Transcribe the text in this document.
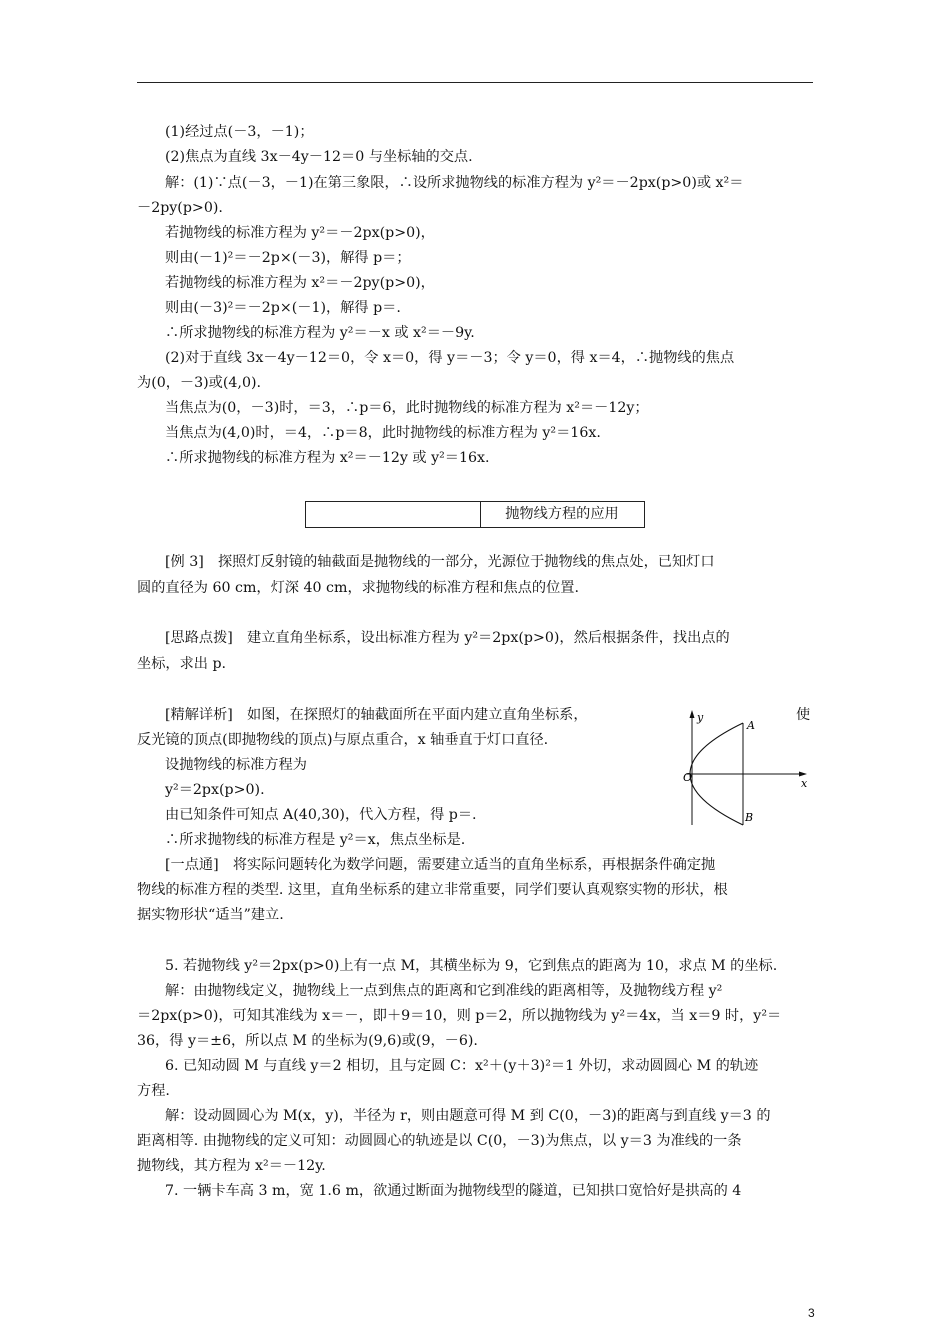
(1)经过点(－3，－1)；
(2)焦点为直线 3x－4y－12＝0 与坐标轴的交点.
解：(1)∵点(－3，－1)在第三象限，∴设所求抛物线的标准方程为 y²＝－2px(p>0)或 x²＝
－2py(p>0).
若抛物线的标准方程为 y²＝－2px(p>0)，
则由(－1)²＝－2p×(－3)，解得 p＝；
若抛物线的标准方程为 x²＝－2py(p>0)，
则由(－3)²＝－2p×(－1)，解得 p＝.
∴所求抛物线的标准方程为 y²＝－x 或 x²＝－9y.
(2)对于直线 3x－4y－12＝0，令 x＝0，得 y＝－3；令 y＝0，得 x＝4，∴抛物线的焦点
为(0，－3)或(4,0).
当焦点为(0，－3)时，＝3，∴p＝6，此时抛物线的标准方程为 x²＝－12y；
当焦点为(4,0)时，＝4，∴p＝8，此时抛物线的标准方程为 y²＝16x.
∴所求抛物线的标准方程为 x²＝－12y 或 y²＝16x.
[例 3]　探照灯反射镜的轴截面是抛物线的一部分，光源位于抛物线的焦点处，已知灯口
圆的直径为 60 cm，灯深 40 cm，求抛物线的标准方程和焦点的位置.
[思路点拨]　建立直角坐标系，设出标准方程为 y²＝2px(p>0)，然后根据条件，找出点的
坐标，求出 p.
[精解详析]　如图，在探照灯的轴截面所在平面内建立直角坐标系，
反光镜的顶点(即抛物线的顶点)与原点重合，x 轴垂直于灯口直径.
设抛物线的标准方程为
y²＝2px(p>0).
由已知条件可知点 A(40,30)，代入方程，得 p＝.
∴所求抛物线的标准方程是 y²＝x，焦点坐标是.
[一点通]　将实际问题转化为数学问题，需要建立适当的直角坐标系，再根据条件确定抛
物线的标准方程的类型. 这里，直角坐标系的建立非常重要，同学们要认真观察实物的形状，根
据实物形状“适当”建立.
5. 若抛物线 y²＝2px(p>0)上有一点 M，其横坐标为 9，它到焦点的距离为 10，求点 M 的坐标.
解：由抛物线定义，抛物线上一点到焦点的距离和它到准线的距离相等，及抛物线方程 y²
＝2px(p>0)，可知其准线为 x＝－，即＋9＝10，则 p＝2，所以抛物线为 y²＝4x，当 x＝9 时，y²＝
36，得 y＝±6，所以点 M 的坐标为(9,6)或(9，－6).
6. 已知动圆 M 与直线 y＝2 相切，且与定圆 C：x²＋(y＋3)²＝1 外切，求动圆圆心 M 的轨迹
方程.
解：设动圆圆心为 M(x，y)，半径为 r，则由题意可得 M 到 C(0，－3)的距离与到直线 y＝3 的
距离相等. 由抛物线的定义可知：动圆圆心的轨迹是以 C(0，－3)为焦点，以 y＝3 为准线的一条
抛物线，其方程为 x²＝－12y.
7. 一辆卡车高 3 m，宽 1.6 m，欲通过断面为抛物线型的隧道，已知拱口宽恰好是拱高的 4
抛物线方程的应用
使
y
x
O
A
B
3
